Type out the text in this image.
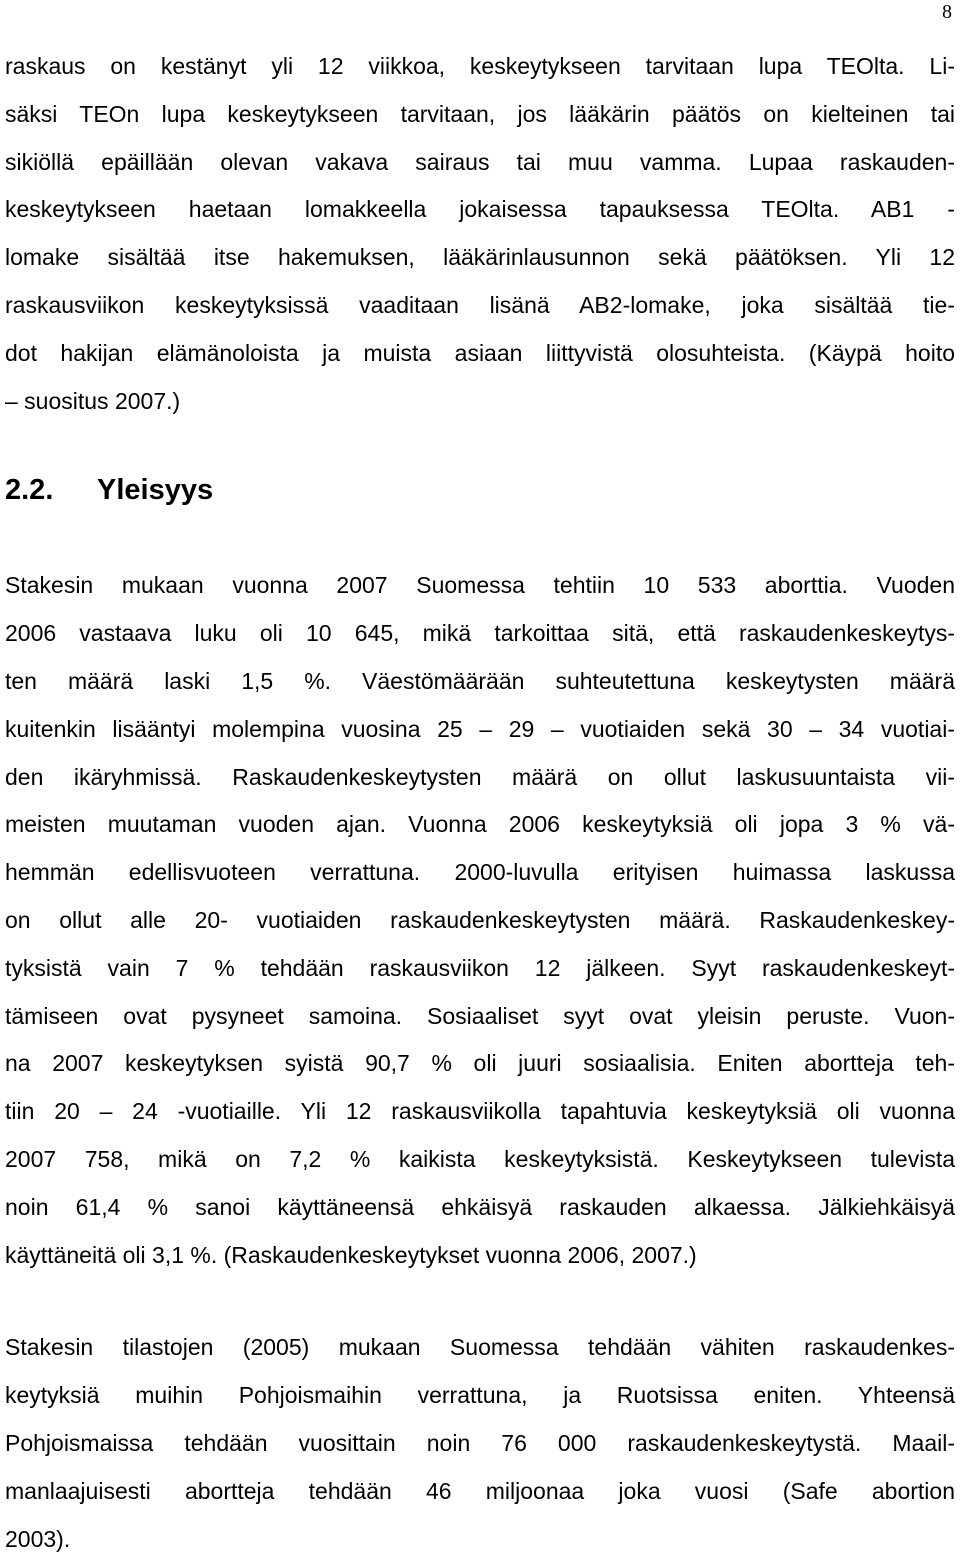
8

raskaus on kestänyt yli 12 viikkoa, keskeytykseen tarvitaan lupa TEOlta. Li-
säksi TEOn lupa keskeytykseen tarvitaan, jos lääkärin päätös on kielteinen tai
sikiöllä epäillään olevan vakava sairaus tai muu vamma. Lupaa raskauden-
keskeytykseen haetaan lomakkeella jokaisessa tapauksessa TEOlta. AB1 -
lomake sisältää itse hakemuksen, lääkärinlausunnon sekä päätöksen. Yli 12
raskausviikon keskeytyksissä vaaditaan lisänä AB2-lomake, joka sisältää tie-
dot hakijan elämänoloista ja muista asiaan liittyvistä olosuhteista. (Käypä hoito
– suositus 2007.)

2.2.	Yleisyys

Stakesin mukaan vuonna 2007 Suomessa tehtiin 10 533 aborttia. Vuoden
2006 vastaava luku oli 10 645, mikä tarkoittaa sitä, että raskaudenkeskeytys-
ten määrä laski 1,5 %. Väestömäärään suhteutettuna keskeytysten määrä
kuitenkin lisääntyi molempina vuosina 25 – 29 – vuotiaiden sekä 30 – 34 vuotiai-
den ikäryhmissä. Raskaudenkeskeytysten määrä on ollut laskusuuntaista vii-
meisten muutaman vuoden ajan. Vuonna 2006 keskeytyksiä oli jopa 3 % vä-
hemmän edellisvuoteen verrattuna. 2000-luvulla erityisen huimassa laskussa
on ollut alle 20- vuotiaiden raskaudenkeskeytysten määrä. Raskaudenkeskey-
tyksistä vain 7 % tehdään raskausviikon 12 jälkeen. Syyt raskaudenkeskeyt-
tämiseen ovat pysyneet samoina. Sosiaaliset syyt ovat yleisin peruste. Vuon-
na 2007 keskeytyksen syistä 90,7 % oli juuri sosiaalisia. Eniten abortteja teh-
tiin 20 – 24 -vuotiaille. Yli 12 raskausviikolla tapahtuvia keskeytyksiä oli vuonna
2007 758, mikä on 7,2 % kaikista keskeytyksistä. Keskeytykseen tulevista
noin 61,4 % sanoi käyttäneensä ehkäisyä raskauden alkaessa. Jälkiehkäisyä
käyttäneitä oli 3,1 %. (Raskaudenkeskeytykset vuonna 2006, 2007.)

Stakesin tilastojen (2005) mukaan Suomessa tehdään vähiten raskaudenkes-
keytyksiä muihin Pohjoismaihin verrattuna, ja Ruotsissa eniten. Yhteensä
Pohjoismaissa tehdään vuosittain noin 76 000 raskaudenkeskeytystä. Maail-
manlaajuisesti abortteja tehdään 46 miljoonaa joka vuosi (Safe abortion
2003).
